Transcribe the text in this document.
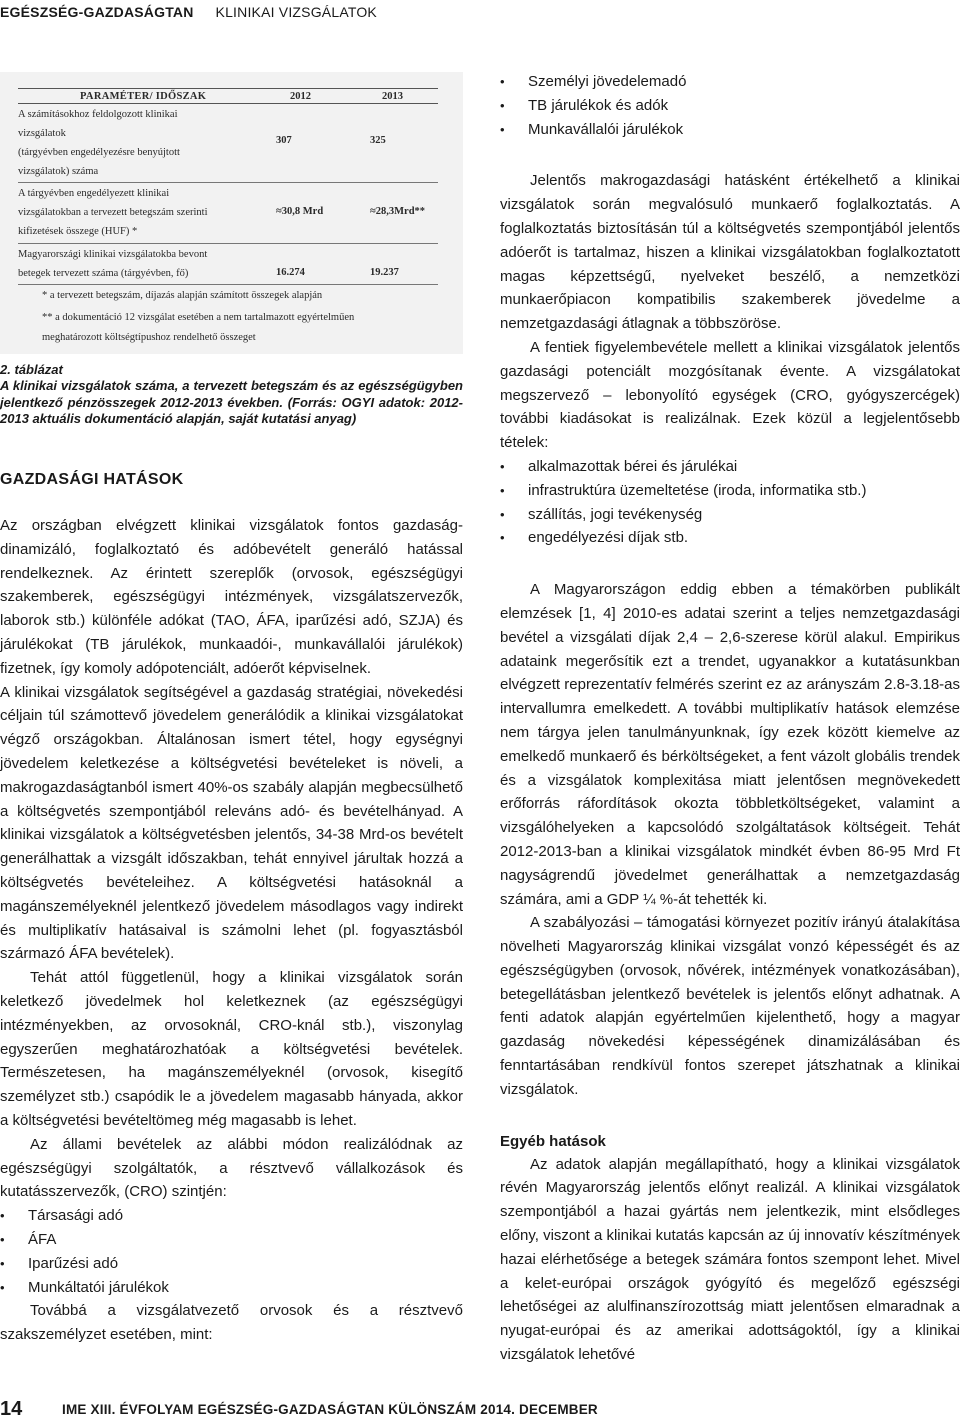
EGÉSZSÉG-GAZDASÁGTAN KLINIKAI VIZSGÁLATOK
PARAMÉTER/ IDŐSZAK	2012	2013
A számításokhoz feldolgozott klinikai
vizsgálatok
(tárgyévben engedélyezésre benyújtott
vizsgálatok) száma
307	325
A tárgyévben engedélyezett klinikai
vizsgálatokban a tervezett betegszám szerinti
kifizetések összege (HUF) *
≈30,8 Mrd	≈28,3Mrd**
Magyarországi klinikai vizsgálatokba bevont
betegek tervezett száma (tárgyévben, fő)	16.274	19.237
* a tervezett betegszám, díjazás alapján számított összegek alapján
** a dokumentáció 12 vizsgálat esetében a nem tartalmazott egyértelműen
meghatározott költségtípushoz rendelhető összeget
2. táblázat
A klinikai vizsgálatok száma, a tervezett betegszám és az egészségügyben jelentkező pénzösszegek 2012-2013 években. (Forrás: OGYI adatok: 2012-2013 aktuális dokumentáció alapján, saját kutatási anyag)
GAZDASÁGI HATÁSOK

Az országban elvégzett klinikai vizsgálatok fontos gazdaság-dinamizáló, foglalkoztató és adóbevételt generáló hatással rendelkeznek. Az érintett szereplők (orvosok, egészségügyi szakemberek, egészségügyi intézmények, vizsgálatszervezők, laborok stb.) különféle adókat (TAO, ÁFA, iparűzési adó, SZJA) és járulékokat (TB járulékok, munkaadói-, munkavállalói járulékok) fizetnek, így komoly adópotenciált, adóerőt képviselnek.

A klinikai vizsgálatok segítségével a gazdaság stratégiai, növekedési céljain túl számottevő jövedelem generálódik a klinikai vizsgálatokat végző országokban. Általánosan ismert tétel, hogy egységnyi jövedelem keletkezése a költségvetési bevételeket is növeli, a makrogazdaságtanból ismert 40%-os szabály alapján megbecsülhető a költségvetés szempontjából releváns adó- és bevételhányad. A klinikai vizsgálatok a költségvetésben jelentős, 34-38 Mrd-os bevételt generálhattak a vizsgált időszakban, tehát ennyivel járultak hozzá a költségvetés bevételeihez. A költségvetési hatásoknál a magánszemélyeknél jelentkező jövedelem másodlagos vagy indirekt és multiplikatív hatásaival is számolni lehet (pl. fogyasztásból származó ÁFA bevételek).

Tehát attól függetlenül, hogy a klinikai vizsgálatok során keletkező jövedelmek hol keletkeznek (az egészségügyi intézményekben, az orvosoknál, CRO-knál stb.), viszonylag egyszerűen meghatározhatóak a költségvetési bevételek. Természetesen, ha magánszemélyeknél (orvosok, kisegítő személyzet stb.) csapódik le a jövedelem magasabb hányada, akkor a költségvetési bevételtömeg még magasabb is lehet.

Az állami bevételek az alábbi módon realizálódnak az egészségügyi szolgáltatók, a résztvevő vállalkozások és kutatásszervezők, (CRO) szintjén:

• Társasági adó
• ÁFA
• Iparűzési adó
• Munkáltatói járulékok

Továbbá a vizsgálatvezető orvosok és a résztvevő szakszemélyzet esetében, mint:

• Személyi jövedelemadó
• TB járulékok és adók
• Munkavállalói járulékok

Jelentős makrogazdasági hatásként értékelhető a klinikai vizsgálatok során megvalósuló munkaerő foglalkoztatás. A foglalkoztatás biztosításán túl a költségvetés szempontjából jelentős adóerőt is tartalmaz, hiszen a klinikai vizsgálatokban foglalkoztatott magas képzettségű, nyelveket beszélő, a nemzetközi munkaerőpiacon kompatibilis szakemberek jövedelme a nemzetgazdasági átlagnak a többszöröse.

A fentiek figyelembevétele mellett a klinikai vizsgálatok jelentős gazdasági potenciált mozgósítanak évente. A vizsgálatokat megszervező – lebonyolító egységek (CRO, gyógyszercégek) további kiadásokat is realizálnak. Ezek közül a legjelentősebb tételek:

• alkalmazottak bérei és járulékai
• infrastruktúra üzemeltetése (iroda, informatika stb.)
• szállítás, jogi tevékenység
• engedélyezési díjak stb.

A Magyarországon eddig ebben a témakörben publikált elemzések [1, 4] 2010-es adatai szerint a teljes nemzetgazdasági bevétel a vizsgálati díjak 2,4 – 2,6-szerese körül alakul. Empirikus adataink megerősítik ezt a trendet, ugyanakkor a kutatásunkban elvégzett reprezentatív felmérés szerint ez az arányszám 2.8-3.18-as intervallumra emelkedett. A további multiplikatív hatások elemzése nem tárgya jelen tanulmányunknak, így ezek között kiemelve az emelkedő munkaerő és bérköltségeket, a fent vázolt globális trendek és a vizsgálatok komplexitása miatt jelentősen megnövekedett erőforrás ráfordítások okozta többletköltségeket, valamint a vizsgálóhelyeken a kapcsolódó szolgáltatások költségeit. Tehát 2012-2013-ban a klinikai vizsgálatok mindkét évben 86-95 Mrd Ft nagyságrendű jövedelmet generálhattak a nemzetgazdaság számára, ami a GDP ¼ %-át tehették ki.

A szabályozási – támogatási környezet pozitív irányú átalakítása növelheti Magyarország klinikai vizsgálat vonzó képességét és az egészségügyben (orvosok, nővérek, intézmények vonatkozásában), betegellátásban jelentkező bevételek is jelentős előnyt adhatnak. A fenti adatok alapján egyértelműen kijelenthető, hogy a magyar gazdaság növekedési képességének dinamizálásában és fenntartásában rendkívül fontos szerepet játszhatnak a klinikai vizsgálatok.

Egyéb hatások

Az adatok alapján megállapítható, hogy a klinikai vizsgálatok révén Magyarország jelentős előnyt realizál. A klinikai vizsgálatok szempontjából a hazai gyártás nem jelentkezik, mint elsődleges előny, viszont a klinikai kutatás kapcsán az új innovatív készítmények hazai elérhetősége a betegek számára fontos szempont lehet. Mivel a kelet-európai országok gyógyító és megelőző egészségi lehetőségei az alulfinanszírozottság miatt jelentősen elmaradnak a nyugat-európai és az amerikai adottságoktól, így a klinikai vizsgálatok lehetővé

14	IME XIII. ÉVFOLYAM EGÉSZSÉG-GAZDASÁGTAN KÜLÖNSZÁM 2014. DECEMBER
